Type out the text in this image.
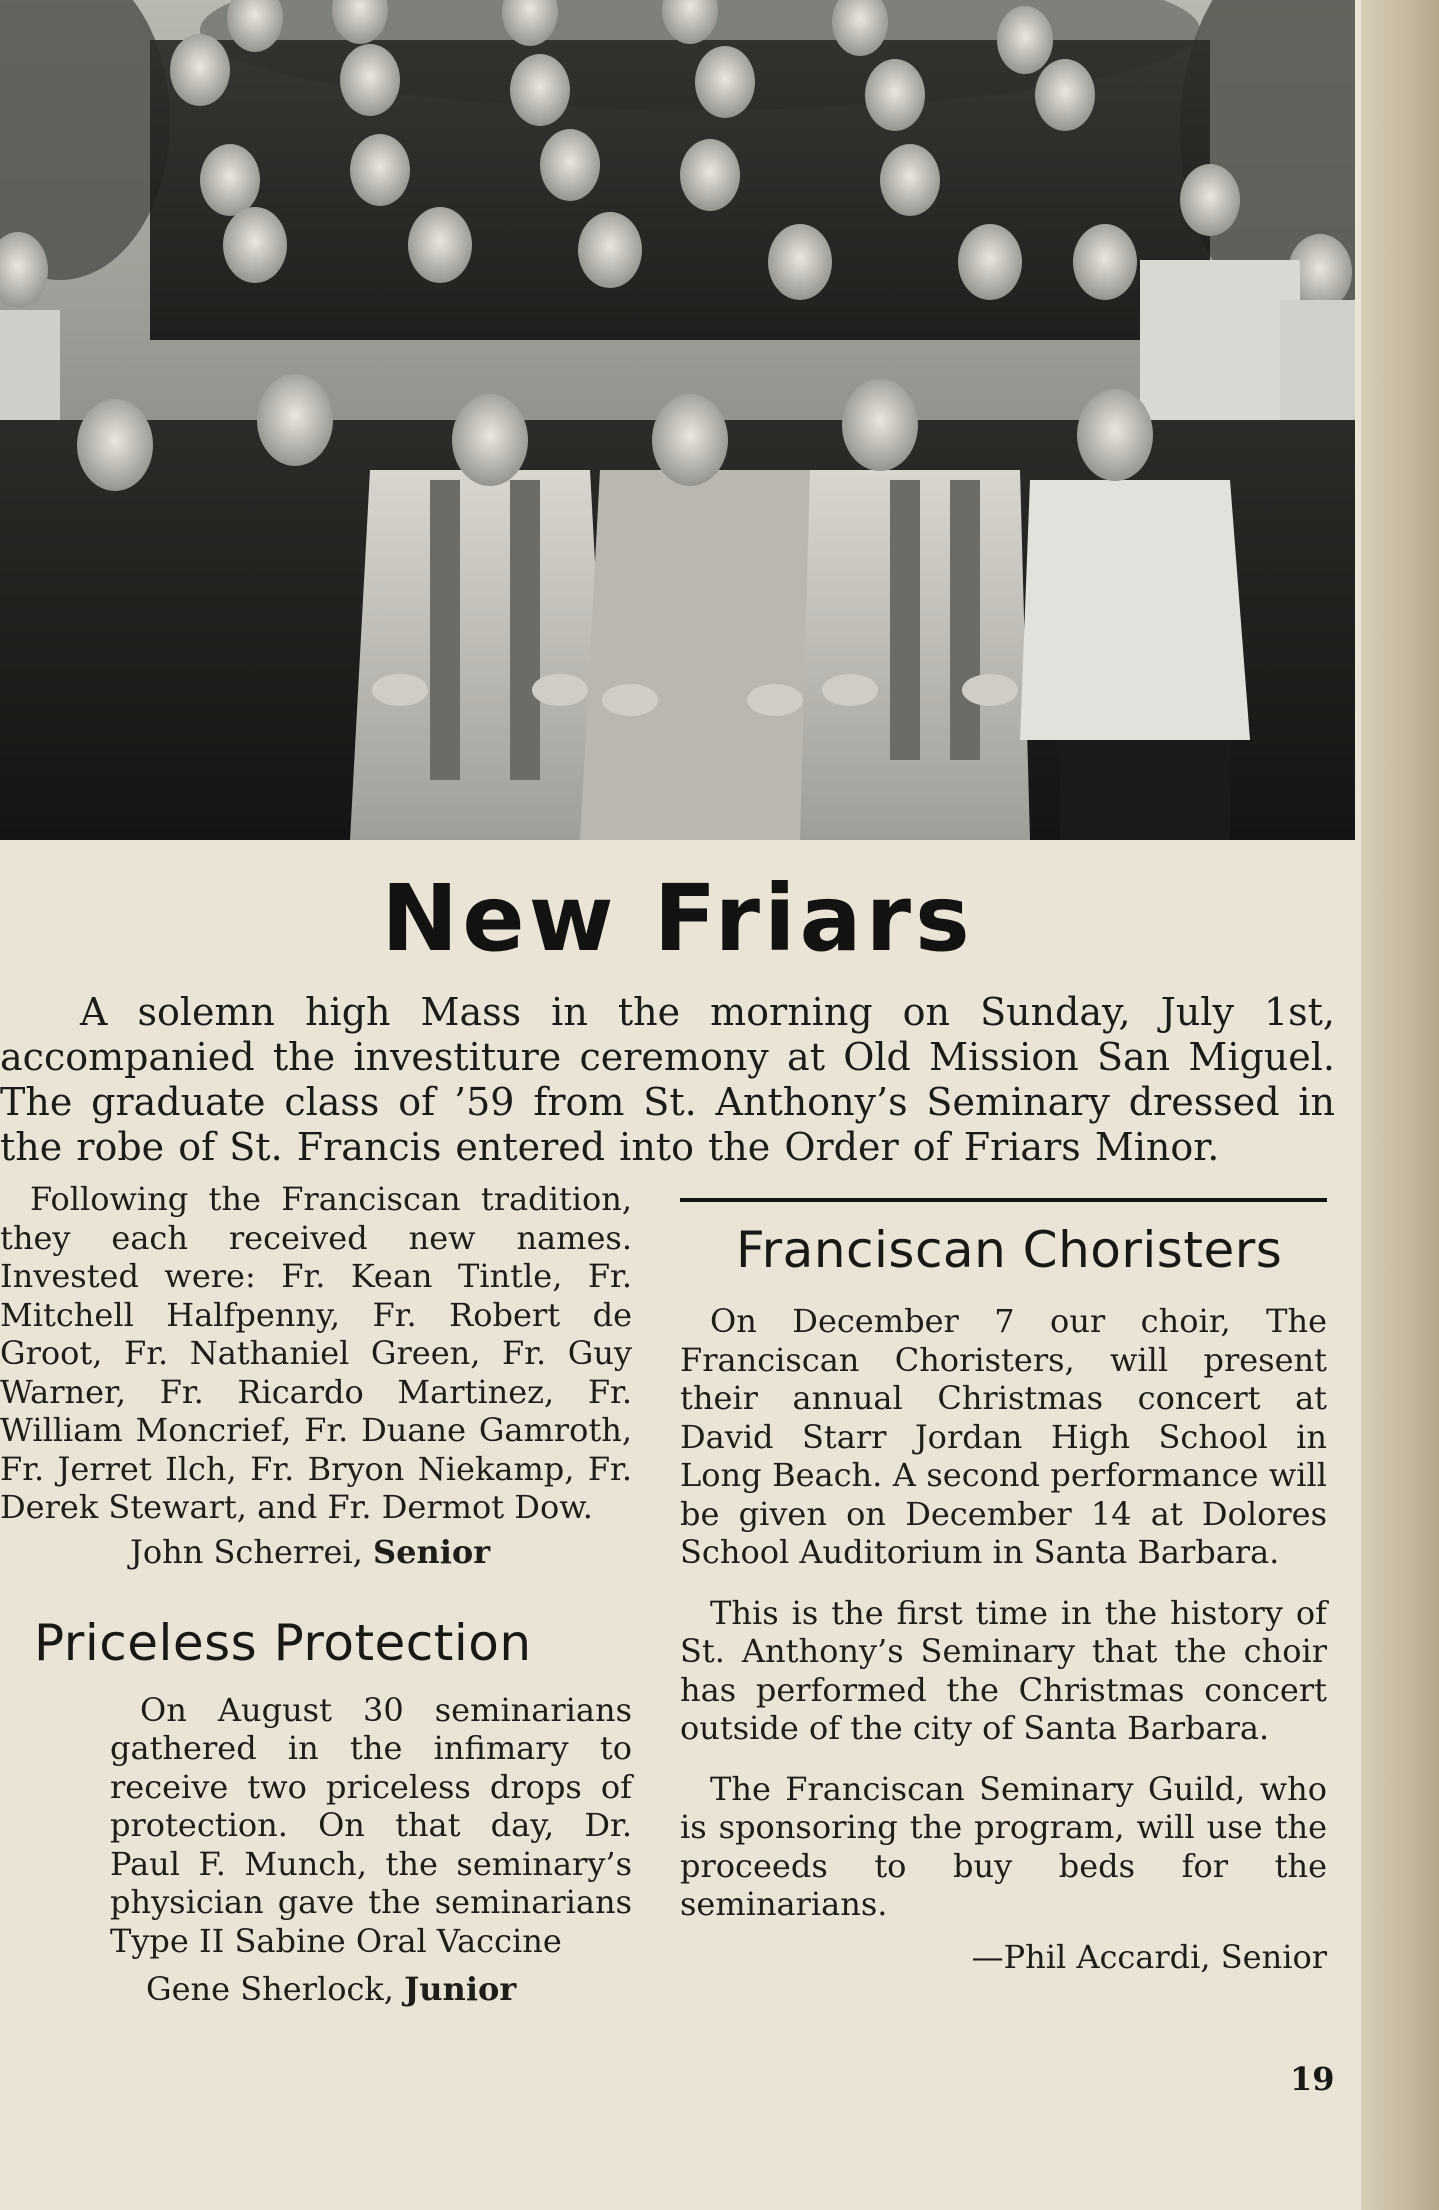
New Friars

A solemn high Mass in the morning on Sunday, July 1st, accompanied the investiture ceremony at Old Mission San Miguel. The graduate class of ’59 from St. Anthony’s Seminary dressed in the robe of St. Francis entered into the Order of Friars Minor.

Following the Franciscan tradition, they each received new names. Invested were: Fr. Kean Tintle, Fr. Mitchell Halfpenny, Fr. Robert de Groot, Fr. Nathaniel Green, Fr. Guy Warner, Fr. Ricardo Martinez, Fr. William Moncrief, Fr. Duane Gamroth, Fr. Jerret Ilch, Fr. Bryon Niekamp, Fr. Derek Stewart, and Fr. Dermot Dow.

John Scherrei, Senior
Priceless Protection

On August 30 seminarians gathered in the infimary to receive two priceless drops of protection. On that day, Dr. Paul F. Munch, the seminary’s physician gave the seminarians Type II Sabine Oral Vaccine

Gene Sherlock, Junior
Franciscan Choristers

On December 7 our choir, The Franciscan Choristers, will present their annual Christmas concert at David Starr Jordan High School in Long Beach. A second performance will be given on December 14 at Dolores School Auditorium in Santa Barbara.

This is the first time in the history of St. Anthony’s Seminary that the choir has performed the Christmas concert outside of the city of Santa Barbara.

The Franciscan Seminary Guild, who is sponsoring the program, will use the proceeds to buy beds for the seminarians.

—Phil Accardi, Senior
19
